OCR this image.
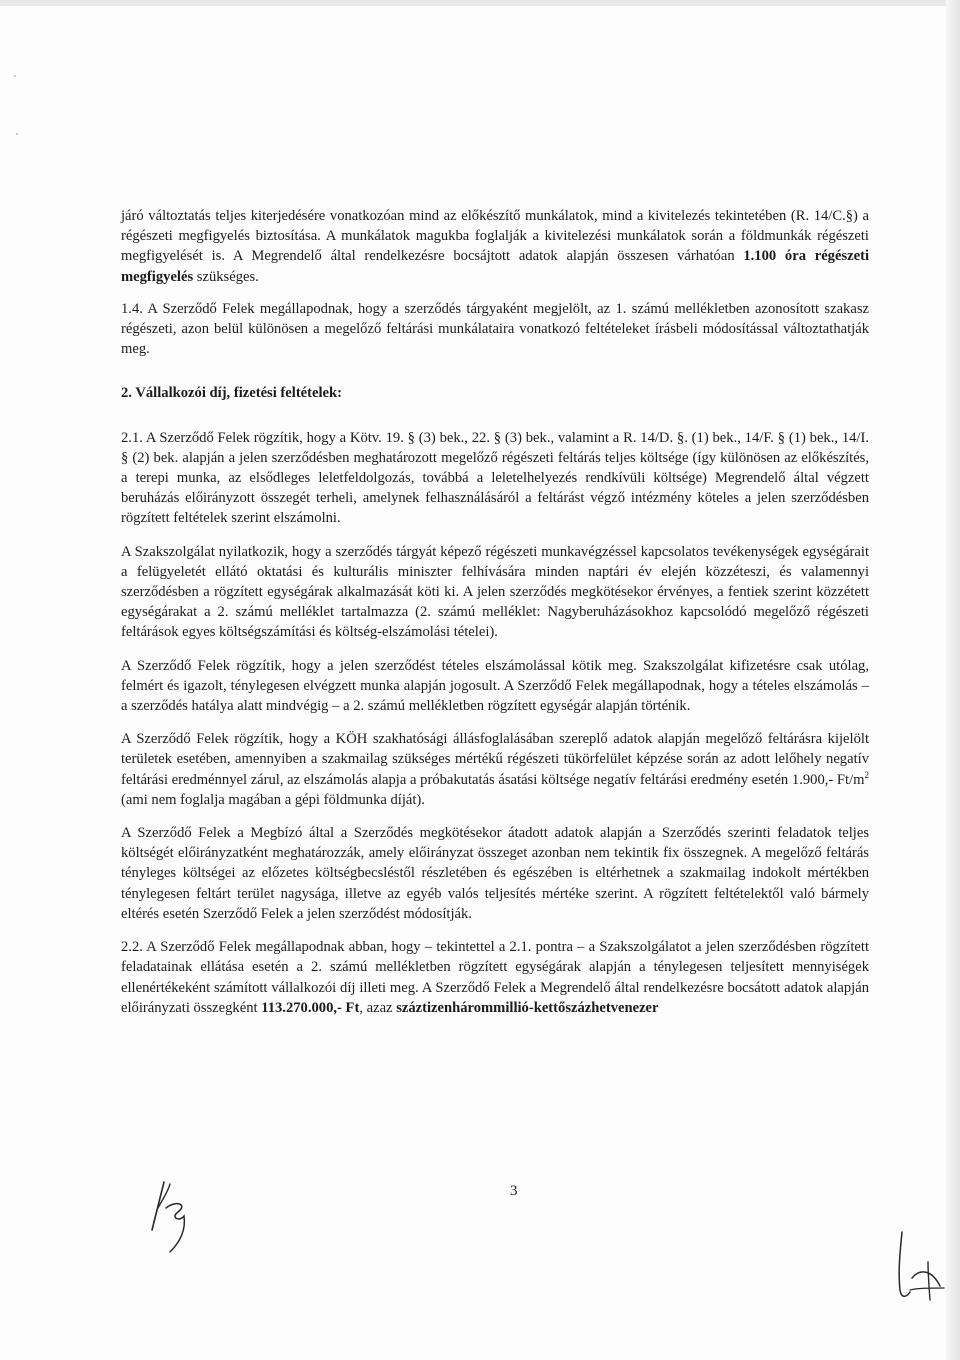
járó változtatás teljes kiterjedésére vonatkozóan mind az előkészítő munkálatok, mind a kivitelezés tekintetében (R. 14/C.§) a régészeti megfigyelés biztosítása. A munkálatok magukba foglalják a kivitelezési munkálatok során a földmunkák régészeti megfigyelését is. A Megrendelő által rendelkezésre bocsájtott adatok alapján összesen várhatóan 1.100 óra régészeti megfigyelés szükséges.

1.4. A Szerződő Felek megállapodnak, hogy a szerződés tárgyaként megjelölt, az 1. számú mellékletben azonosított szakasz régészeti, azon belül különösen a megelőző feltárási munkálataira vonatkozó feltételeket írásbeli módosítással változtathatják meg.

2. Vállalkozói díj, fizetési feltételek:

2.1. A Szerződő Felek rögzítik, hogy a Kötv. 19. § (3) bek., 22. § (3) bek., valamint a R. 14/D. §. (1) bek., 14/F. § (1) bek., 14/I. § (2) bek. alapján a jelen szerződésben meghatározott megelőző régészeti feltárás teljes költsége (így különösen az előkészítés, a terepi munka, az elsődleges leletfeldolgozás, továbbá a leletelhelyezés rendkívüli költsége) Megrendelő által végzett beruházás előirányzott összegét terheli, amelynek felhasználásáról a feltárást végző intézmény köteles a jelen szerződésben rögzített feltételek szerint elszámolni.

A Szakszolgálat nyilatkozik, hogy a szerződés tárgyát képező régészeti munkavégzéssel kapcsolatos tevékenységek egységárait a felügyeletét ellátó oktatási és kulturális miniszter felhívására minden naptári év elején közzéteszi, és valamennyi szerződésben a rögzített egységárak alkalmazását köti ki. A jelen szerződés megkötésekor érvényes, a fentiek szerint közzétett egységárakat a 2. számú melléklet tartalmazza (2. számú melléklet: Nagyberuházásokhoz kapcsolódó megelőző régészeti feltárások egyes költségszámítási és költség-elszámolási tételei).

A Szerződő Felek rögzítik, hogy a jelen szerződést tételes elszámolással kötik meg. Szakszolgálat kifizetésre csak utólag, felmért és igazolt, ténylegesen elvégzett munka alapján jogosult. A Szerződő Felek megállapodnak, hogy a tételes elszámolás – a szerződés hatálya alatt mindvégig – a 2. számú mellékletben rögzített egységár alapján történik.

A Szerződő Felek rögzítik, hogy a KÖH szakhatósági állásfoglalásában szereplő adatok alapján megelőző feltárásra kijelölt területek esetében, amennyiben a szakmailag szükséges mértékű régészeti tükörfelület képzése során az adott lelőhely negatív feltárási eredménnyel zárul, az elszámolás alapja a próbakutatás ásatási költsége negatív feltárási eredmény esetén 1.900,- $Ft/m^2$ (ami nem foglalja magában a gépi földmunka díját).

A Szerződő Felek a Megbízó által a Szerződés megkötésekor átadott adatok alapján a Szerződés szerinti feladatok teljes költségét előirányzatként meghatározzák, amely előirányzat összeget azonban nem tekintik fix összegnek. A megelőző feltárás tényleges költségei az előzetes költségbecsléstől részletében és egészében is eltérhetnek a szakmailag indokolt mértékben ténylegesen feltárt terület nagysága, illetve az egyéb valós teljesítés mértéke szerint. A rögzített feltételektől való bármely eltérés esetén Szerződő Felek a jelen szerződést módosítják.

2.2. A Szerződő Felek megállapodnak abban, hogy – tekintettel a 2.1. pontra – a Szakszolgálatot a jelen szerződésben rögzített feladatainak ellátása esetén a 2. számú mellékletben rögzített egységárak alapján a ténylegesen teljesített mennyiségek ellenértékeként számított vállalkozói díj illeti meg. A Szerződő Felek a Megrendelő által rendelkezésre bocsátott adatok alapján előirányzati összegként 113.270.000,- Ft, azaz száztizenhárommillió-kettőszázhetvenezer

3
